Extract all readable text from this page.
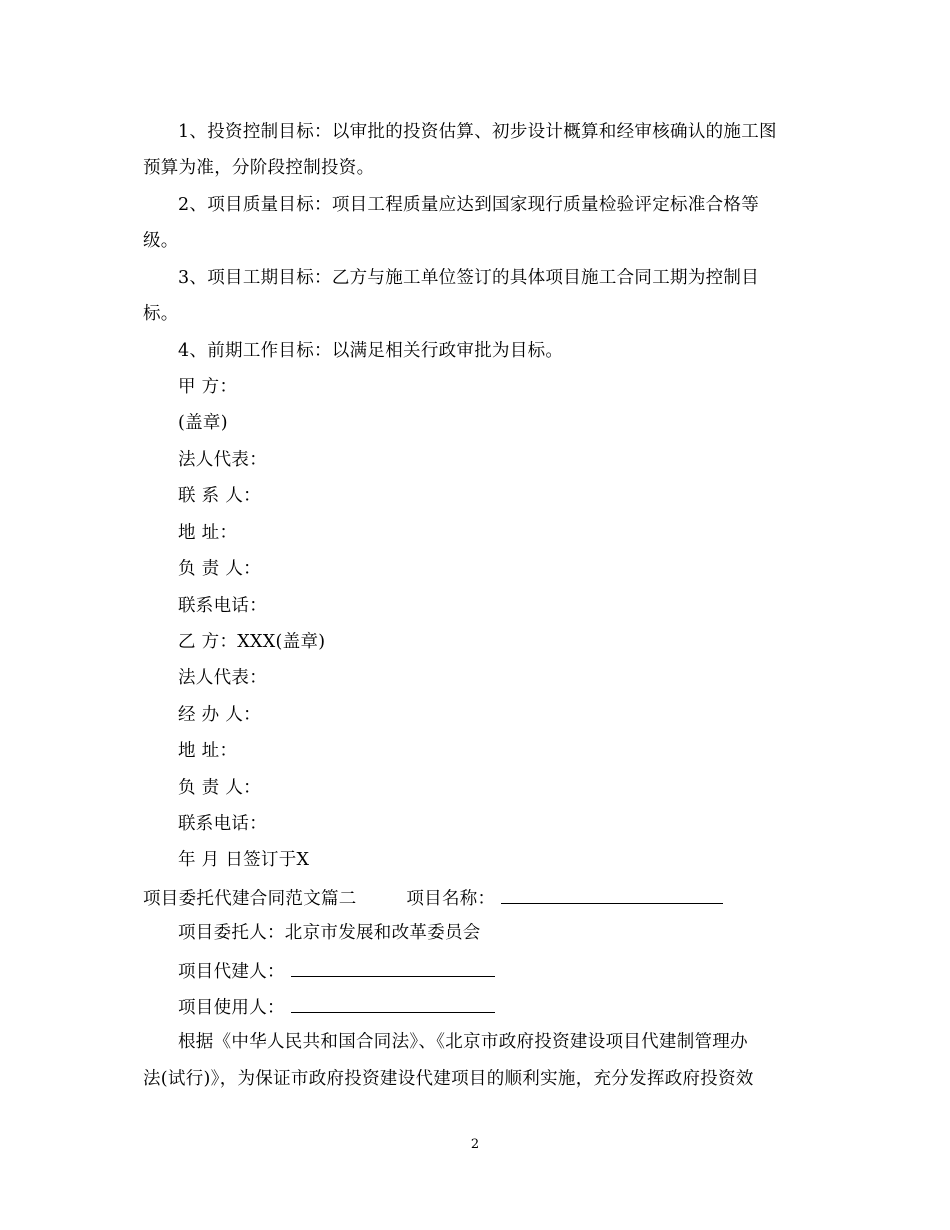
1、投资控制目标：以审批的投资估算、初步设计概算和经审核确认的施工图
预算为准，分阶段控制投资。
2、项目质量目标：项目工程质量应达到国家现行质量检验评定标准合格等
级。
3、项目工期目标：乙方与施工单位签订的具体项目施工合同工期为控制目
标。
4、前期工作目标：以满足相关行政审批为目标。
甲 方：
(盖章)
法人代表：
联 系 人：
地 址：
负 责 人：
联系电话：
乙 方：XXX(盖章)
法人代表：
经 办 人：
地 址：
负 责 人：
联系电话：
年 月 日签订于X
项目委托代建合同范文篇二	项目名称：
项目委托人：北京市发展和改革委员会
项目代建人：
项目使用人：
根据《中华人民共和国合同法》、《北京市政府投资建设项目代建制管理办
法(试行)》，为保证市政府投资建设代建项目的顺利实施，充分发挥政府投资效
2
